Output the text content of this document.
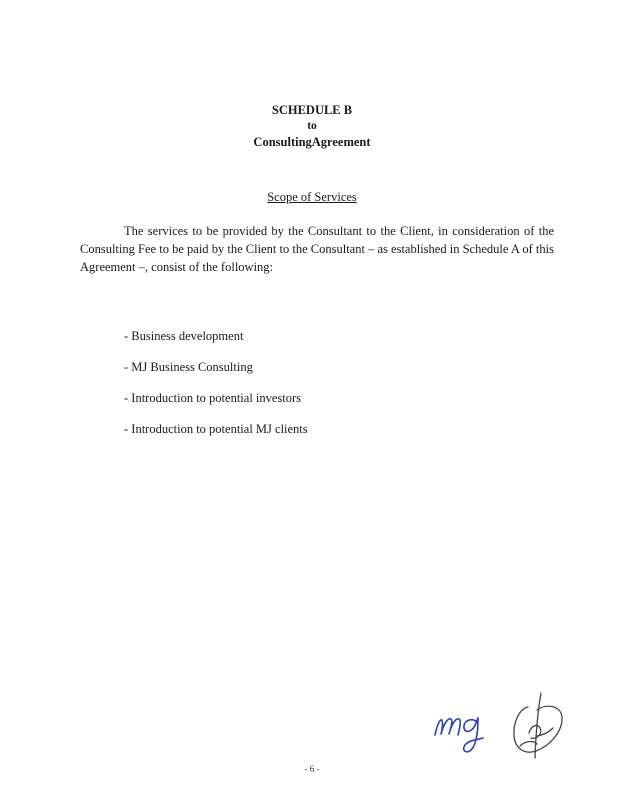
SCHEDULE B
to
ConsultingAgreement
Scope of Services

The services to be provided by the Consultant to the Client, in consideration of the Consulting Fee to be paid by the Client to the Consultant – as established in Schedule A of this Agreement –, consist of the following:

- Business development
- MJ Business Consulting
- Introduction to potential investors
- Introduction to potential MJ clients
- 6 -
